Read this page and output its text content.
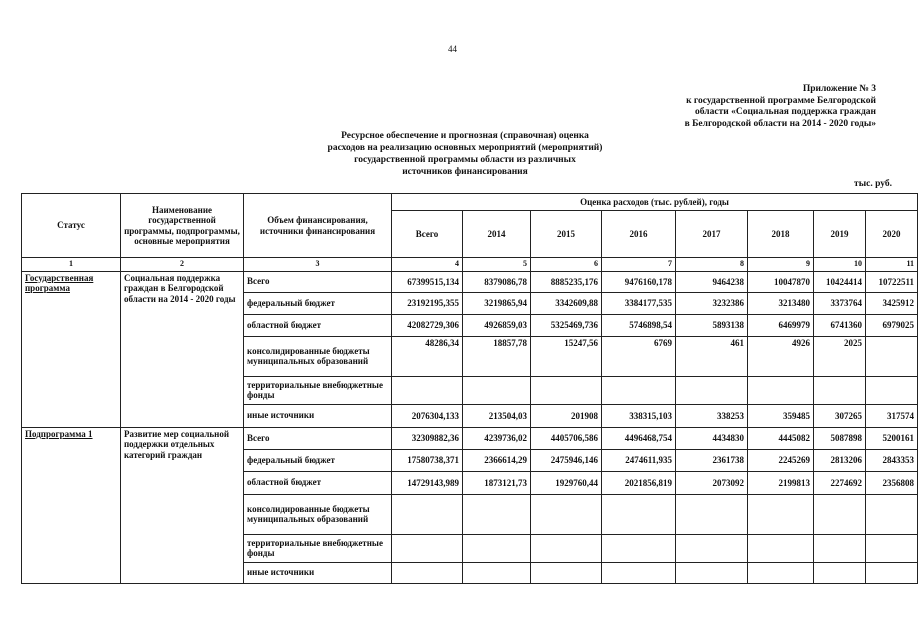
44
Приложение № 3
к государственной программе Белгородской
области «Социальная поддержка граждан
в Белгородской области на 2014 - 2020 годы»
Ресурсное обеспечение и прогнозная (справочная) оценка
расходов на реализацию основных мероприятий (мероприятий)
государственной программы области из различных
источников финансирования
тыс. руб.
Статус	Наименование государственной программы, подпрограммы, основные мероприятия	Объем финансирования, источники финансирования	Оценка расходов (тыс. рублей), годы							
			Всего	2014	2015	2016	2017	2018	2019	2020
1	2	3	4	5	6	7	8	9	10	11
Государственная программа	Социальная поддержка граждан в Белгородской области на 2014 - 2020 годы	Всего	67399515,134	8379086,78	8885235,176	9476160,178	9464238	10047870	10424414	10722511
		федеральный бюджет	23192195,355	3219865,94	3342609,88	3384177,535	3232386	3213480	3373764	3425912
		областной бюджет	42082729,306	4926859,03	5325469,736	5746898,54	5893138	6469979	6741360	6979025
		консолидированные бюджеты муниципальных образований	48286,34	18857,78	15247,56	6769	461	4926	2025	
		территориальные внебюджетные фонды								
		иные источники	2076304,133	213504,03	201908	338315,103	338253	359485	307265	317574
Подпрограмма 1	Развитие мер социальной поддержки отдельных категорий граждан	Всего	32309882,36	4239736,02	4405706,586	4496468,754	4434830	4445082	5087898	5200161
		федеральный бюджет	17580738,371	2366614,29	2475946,146	2474611,935	2361738	2245269	2813206	2843353
		областной бюджет	14729143,989	1873121,73	1929760,44	2021856,819	2073092	2199813	2274692	2356808
		консолидированные бюджеты муниципальных образований								
		территориальные внебюджетные фонды								
		иные источники								
